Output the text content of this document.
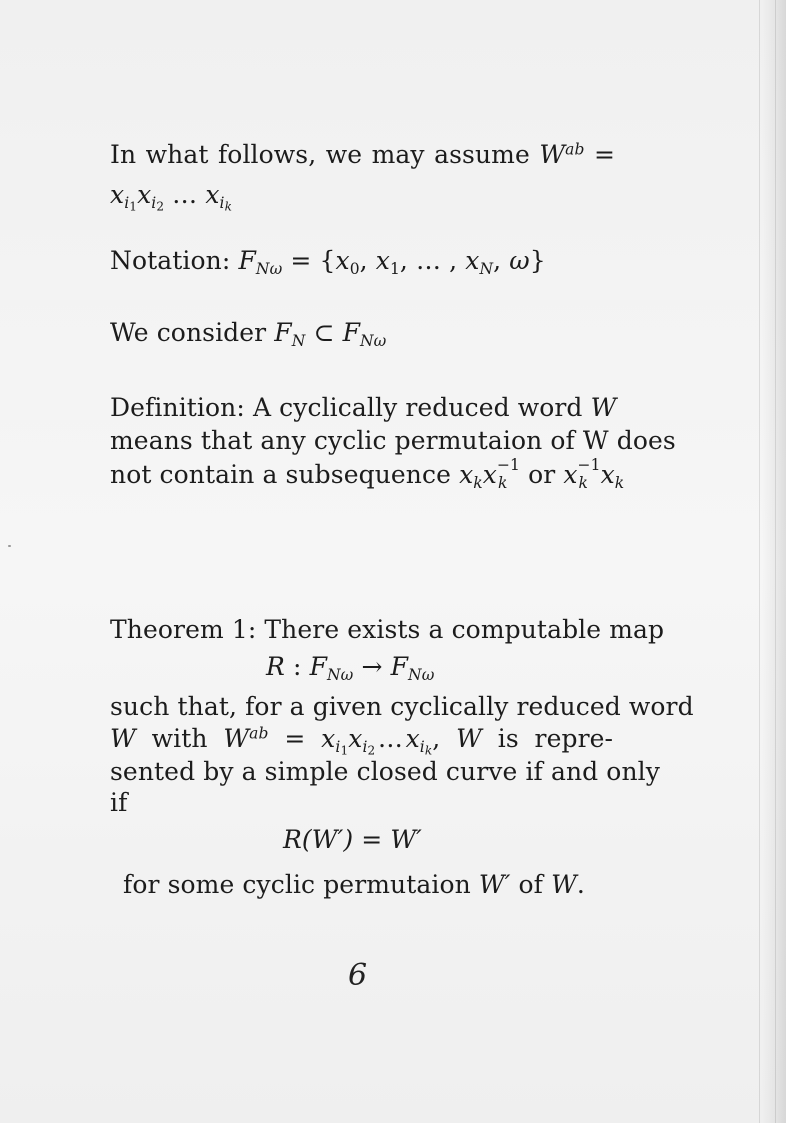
In what follows, we may assume $W^{ab}$ =
$x_{i1}x_{i2}$ … $x_{ik}$
Notation: $F_{N\omega} = \{x_0$, $x_1$, … , $x_N$, ω}
We consider $F_N$ ⊂ $F_{N\omega}$
Definition: A cyclically reduced word W
means that any cyclic permutaion of W does
not contain a subsequence $x_kx -1$
k or x −1
k $x_k$
Theorem 1: There exists a computable map
R : $F_{N\omega} \to F_{N\omega}$
such that, for a given cyclically reduced word
W with $W^{ab} = x_{i1}x_{i2}$  …  $x_{ik}$, W is repre-
sented by a simple closed curve if and only
if
R(W′) = W′
for some cyclic permutaion W′ of W.
6
